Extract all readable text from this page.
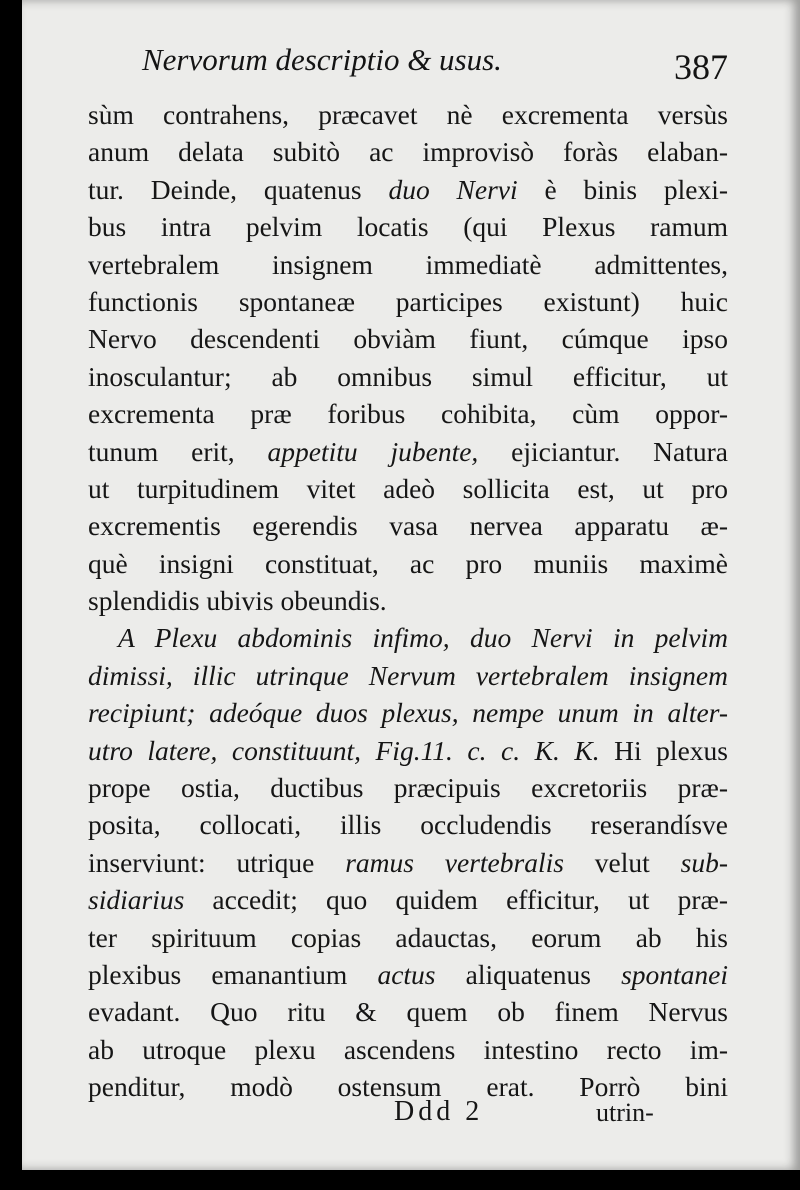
Nervorum descriptio & usus.	387
sùm contrahens, præcavet nè excrementa versùs
anum delata subitò ac improvisò foràs elaban-
tur. Deinde, quatenus duo Nervi è binis plexi-
bus intra pelvim locatis (qui Plexus ramum
vertebralem insignem immediatè admittentes,
functionis spontaneæ participes existunt) huic
Nervo descendenti obviàm fiunt, cúmque ipso
inosculantur; ab omnibus simul efficitur, ut
excrementa præ foribus cohibita, cùm oppor-
tunum erit, appetitu jubente, ejiciantur. Natura
ut turpitudinem vitet adeò sollicita est, ut pro
excrementis egerendis vasa nervea apparatu æ-
què insigni constituat, ac pro muniis maximè
splendidis ubivis obeundis.
A Plexu abdominis infimo, duo Nervi in pelvim
dimissi, illic utrinque Nervum vertebralem insignem
recipiunt; adeóque duos plexus, nempe unum in alter-
utro latere, constituunt, Fig.11. c. c. K. K. Hi plexus
prope ostia, ductibus præcipuis excretoriis præ-
posita, collocati, illis occludendis reserandísve
inserviunt: utrique ramus vertebralis velut sub-
sidiarius accedit; quo quidem efficitur, ut præ-
ter spirituum copias adauctas, eorum ab his
plexibus emanantium actus aliquatenus spontanei
evadant. Quo ritu & quem ob finem Nervus
ab utroque plexu ascendens intestino recto im-
penditur, modò ostensum erat. Porrò bini
Ddd 2	utrin-
